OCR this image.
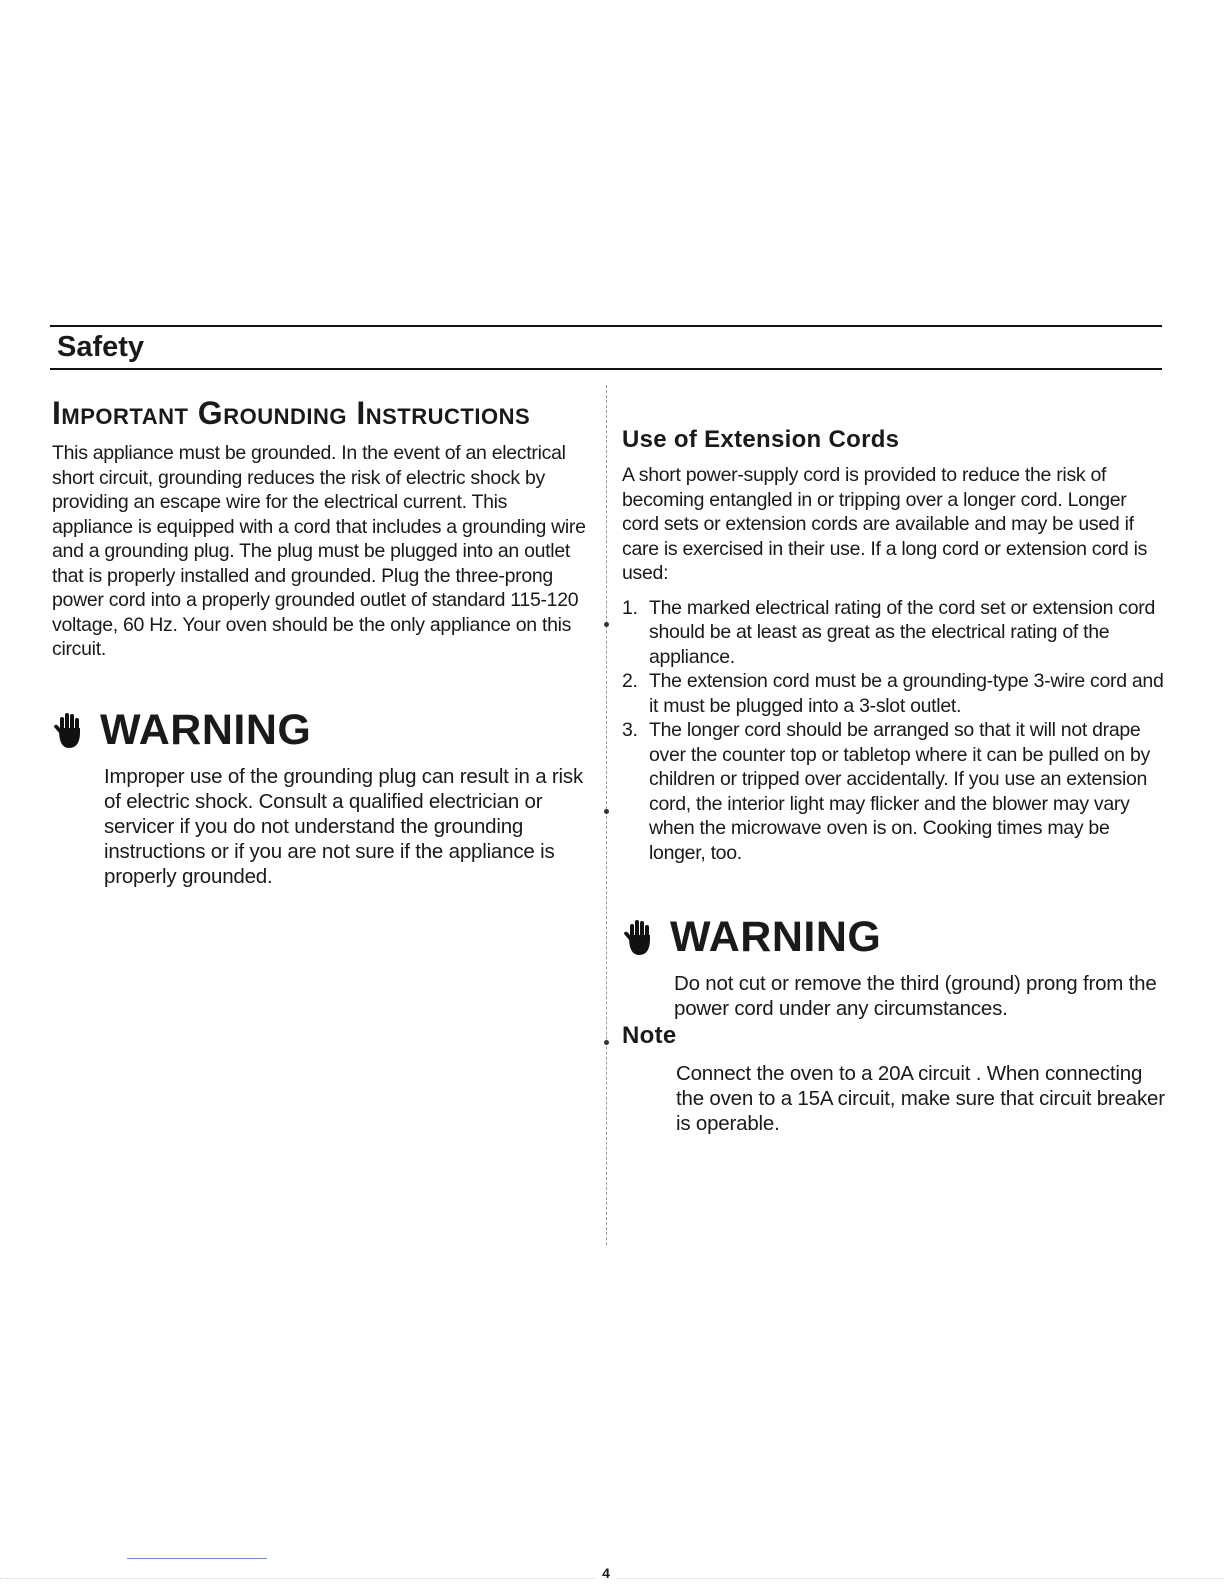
Safety
Important Grounding Instructions

This appliance must be grounded. In the event of an electrical short circuit, grounding reduces the risk of electric shock by providing an escape wire for the electrical current. This appliance is equipped with a cord that includes a grounding wire and a grounding plug. The plug must be plugged into an outlet that is properly installed and grounded. Plug the three-prong power cord into a properly grounded outlet of standard 115-120 voltage, 60 Hz. Your oven should be the only appliance on this circuit.

WARNING

Improper use of the grounding plug can result in a risk of electric shock. Consult a qualified electrician or servicer if you do not understand the grounding instructions or if you are not sure if the appliance is properly grounded.

Use of Extension Cords

A short power-supply cord is provided to reduce the risk of becoming entangled in or tripping over a longer cord. Longer cord sets or extension cords are available and may be used if care is exercised in their use. If a long cord or extension cord is used:

1. The marked electrical rating of the cord set or extension cord should be at least as great as the electrical rating of the appliance.
2. The extension cord must be a grounding-type 3-wire cord and it must be plugged into a 3-slot outlet.
3. The longer cord should be arranged so that it will not drape over the counter top or tabletop where it can be pulled on by children or tripped over accidentally. If you use an extension cord, the interior light may flicker and the blower may vary when the microwave oven is on. Cooking times may be longer, too.
WARNING

Do not cut or remove the third (ground) prong from the power cord under any circumstances.

Note

Connect the oven to a 20A circuit . When connecting the oven to a 15A circuit, make sure that circuit breaker is operable.

4
